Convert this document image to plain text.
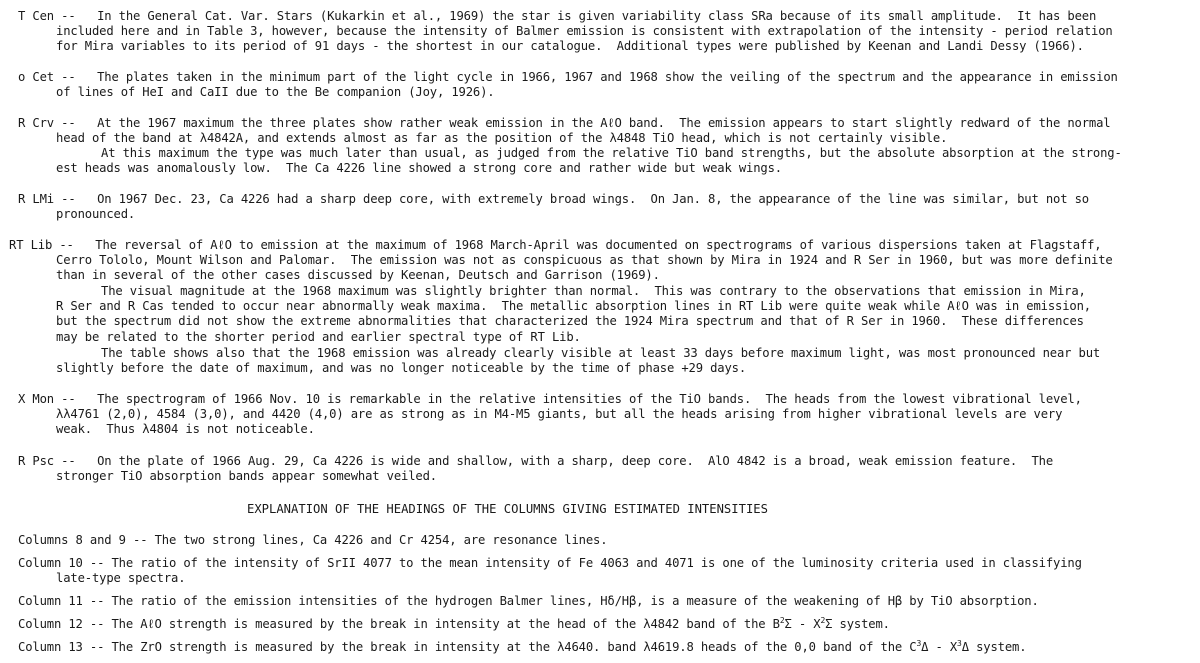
T Cen --   In the General Cat. Var. Stars (Kukarkin et al., 1969) the star is given variability class SRa because of its small amplitude.  It has been
included here and in Table 3, however, because the intensity of Balmer emission is consistent with extrapolation of the intensity - period relation
for Mira variables to its period of 91 days - the shortest in our catalogue.  Additional types were published by Keenan and Landi Dessy (1966).
o Cet --   The plates taken in the minimum part of the light cycle in 1966, 1967 and 1968 show the veiling of the spectrum and the appearance in emission
of lines of HeI and CaII due to the Be companion (Joy, 1926).
R Crv --   At the 1967 maximum the three plates show rather weak emission in the AℓO band.  The emission appears to start slightly redward of the normal
head of the band at λ4842A, and extends almost as far as the position of the λ4848 TiO head, which is not certainly visible.
At this maximum the type was much later than usual, as judged from the relative TiO band strengths, but the absolute absorption at the strong-
est heads was anomalously low.  The Ca 4226 line showed a strong core and rather wide but weak wings.
R LMi --   On 1967 Dec. 23, Ca 4226 had a sharp deep core, with extremely broad wings.  On Jan. 8, the appearance of the line was similar, but not so
pronounced.
RT Lib --   The reversal of AℓO to emission at the maximum of 1968 March-April was documented on spectrograms of various dispersions taken at Flagstaff,
Cerro Tololo, Mount Wilson and Palomar.  The emission was not as conspicuous as that shown by Mira in 1924 and R Ser in 1960, but was more definite
than in several of the other cases discussed by Keenan, Deutsch and Garrison (1969).
The visual magnitude at the 1968 maximum was slightly brighter than normal.  This was contrary to the observations that emission in Mira,
R Ser and R Cas tended to occur near abnormally weak maxima.  The metallic absorption lines in RT Lib were quite weak while AℓO was in emission,
but the spectrum did not show the extreme abnormalities that characterized the 1924 Mira spectrum and that of R Ser in 1960.  These differences
may be related to the shorter period and earlier spectral type of RT Lib.
The table shows also that the 1968 emission was already clearly visible at least 33 days before maximum light, was most pronounced near but
slightly before the date of maximum, and was no longer noticeable by the time of phase +29 days.
X Mon --   The spectrogram of 1966 Nov. 10 is remarkable in the relative intensities of the TiO bands.  The heads from the lowest vibrational level,
λλ4761 (2,0), 4584 (3,0), and 4420 (4,0) are as strong as in M4-M5 giants, but all the heads arising from higher vibrational levels are very
weak.  Thus λ4804 is not noticeable.
R Psc --   On the plate of 1966 Aug. 29, Ca 4226 is wide and shallow, with a sharp, deep core.  AlO 4842 is a broad, weak emission feature.  The
stronger TiO absorption bands appear somewhat veiled.
EXPLANATION OF THE HEADINGS OF THE COLUMNS GIVING ESTIMATED INTENSITIES
Columns 8 and 9 -- The two strong lines, Ca 4226 and Cr 4254, are resonance lines.
Column 10 -- The ratio of the intensity of SrII 4077 to the mean intensity of Fe 4063 and 4071 is one of the luminosity criteria used in classifying
late-type spectra.
Column 11 -- The ratio of the emission intensities of the hydrogen Balmer lines, Hδ/Hβ, is a measure of the weakening of Hβ by TiO absorption.
Column 12 -- The AℓO strength is measured by the break in intensity at the head of the λ4842 band of the $B^2\Sigma - X^2\Sigma$ system.
Column 13 -- The ZrO strength is measured by the break in intensity at the λ4640. band λ4619.8 heads of the 0,0 band of the $C^3\Delta - X^3\Delta$ system.
